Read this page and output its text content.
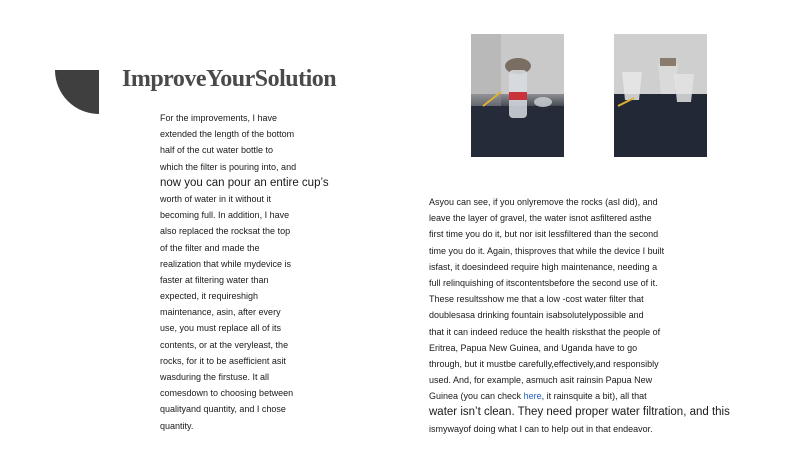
ImproveYourSolution
For the improvements, I have
extended the length of the bottom
half of the cut water bottle to
which the filter is pouring into, and
now you can pour an entire cup’s
worth of water in it without it
becoming full. In addition, I have
also replaced the rocksat the top
of the filter and made the
realization that while mydevice is
faster at filtering water than
expected, it requireshigh
maintenance, asin, after every
use, you must replace all of its
contents, or at the veryleast, the
rocks, for it to be asefficient asit
wasduring the firstuse. It all
comesdown to choosing between
qualityand quantity, and I chose
quantity.
Asyou can see, if you onlyremove the rocks (asI did), and
leave the layer of gravel, the water isnot asfiltered asthe
first time you do it, but nor isit lessfiltered than the second
time you do it. Again, thisproves that while the device I built
isfast, it doesindeed require high maintenance, needing a
full relinquishing of itscontentsbefore the second use of it.
These resultsshow me that a low -cost water filter that
doublesasa drinking fountain isabsolutelypossible and
that it can indeed reduce the health risksthat the people of
Eritrea, Papua New Guinea, and Uganda have to go
through, but it mustbe carefully,effectively,and responsibly
used. And, for example, asmuch asit rainsin Papua New
Guinea (you can check here , it rainsquite a bit), all that
water isn’t clean. They need proper water filtration, and this
ismywayof doing what I can to help out in that endeavor.
